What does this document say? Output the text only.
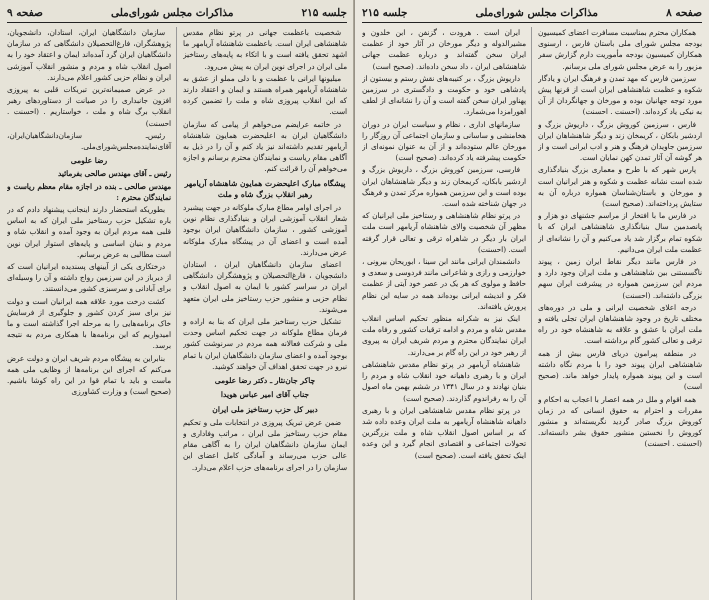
جلسه ۲۱۵
مذاکرات مجلس شورای‌ملی
صفحه ۹

شخصیت باعظمت جهانی در پرتو نظام مقدس شاهنشاهی ایران است. باعظمت شاهنشاه آریامهر ما اشهد تحقق یافته است و با اتکاء به پایه‌های رستاخیز ملی ایران در اجرای نوین ایران به پیش می‌رود.

میلیونها ایرانی با عظمت و با دلی مملو از عشق به شاهنشاه آریامهر همراه هستند و ایمان و اعتقاد دارند که این انقلاب پیروزی شاه و ملت را تضمین کرده است.

در خاتمه عرایضم می‌خواهم از پیامی که سازمان دانشگاهیان ایران به اعلیحضرت همایون شاهنشاه آریامهر تقدیم داشته‌اند نیز یاد کنم و آن را در ذیل به آگاهی مقام ریاست و نمایندگان محترم برسانم و اجازه می‌خواهم آن را قرائت کنم.

پیشگاه مبارک اعلیحضرت همایون شاهنشاه آریامهر رهبر انقلاب بزرگ شاه و ملت

در اجرای اوامر مطاع مبارک ملوکانه در جهت پیشبرد شعار انقلاب آموزشی ایران و بنیادگذاری نظام نوین آموزشی کشور ، سازمان دانشگاهیان ایران بوجود آمده است و اعضای آن در پیشگاه مبارک ملوکانه عرض می‌دارند.

اعضای سازمان دانشگاهیان ایران ، استادان دانشجویان ، فارغ‌التحصیلان و پژوهشگران دانشگاهی ایران در سراسر کشور با ایمان به اصول انقلاب و نظام حزبی و منشور حزب رستاخیز ملی ایران متعهد می‌شوند.

تشکیل حزب رستاخیز ملی ایران که بنا به اراده و فرمان مطاع ملوکانه در جهت تحکیم اساس وحدت ملی و شرکت فعالانه همه مردم در سرنوشت کشور بوجود آمده و اعضای سازمان دانشگاهیان ایران با تمام نیرو در جهت تحقق اهداف آن خواهند کوشید.

چاکر جان‌نثار ـ دکتر رضا علومی

جناب آقای امیر عباس هویدا

دبیر کل حزب رستاخیز ملی ایران

ضمن عرض تبریک پیروزی در انتخابات ملی و تحکیم مقام حزب رستاخیز ملی ایران ، مراتب وفاداری و ایمان سازمان دانشگاهیان ایران را به آگاهی مقام عالی حزب می‌رساند و آمادگی کامل اعضای این سازمان را در اجرای برنامه‌های حزب اعلام می‌دارد.

سازمان دانشگاهیان ایران، استادان، دانشجویان، پژوهشگران، فارغ‌التحصیلان دانشگاهی که در سازمان دانشگاهیان ایران گرد آمده‌اند ایمان و اعتقاد خود را به اصول انقلاب شاه و مردم و منشور انقلاب آموزشی ایران و نظام حزبی کشور اعلام می‌دارند.

در عرض صمیمانه‌ترین تبریکات قلبی به پیروزی افزون جانبداری را در صیانت از دستاوردهای رهبر انقلاب برگ شاه و ملت ، خواستاریم . (احسنت . احسنت)

رئیس‌ـ سازمان‌دانشگاهیان‌ایران‌، آقای‌نماینده‌مجلس‌شورای‌ملی.

رضا علومی

رئیس ـ آقای مهندس صالحی بفرمائید

مهندس صالحی ـ بنده در اجازه مقام معظم ریاست و نمایندگان محترم :

بطوریکه استحضار دارند اینجانب پیشنهاد دادم که در باره تشکیل حزب رستاخیز ملی ایران که به اساس قلبی همه مردم ایران به وجود آمده و انقلاب شاه و مردم و بنیان اساسی و پایه‌های استوار ایران نوین است مطالبی به عرض برسانم.

درختکاری یکی از آیینهای پسندیده ایرانیان است که از دیرباز در این سرزمین رواج داشته و آن را وسیله‌ای برای آبادانی و سرسبزی کشور می‌دانستند.

کشت درخت مورد علاقه همه ایرانیان است و دولت نیز برای سبز کردن کشور و جلوگیری از فرسایش خاک برنامه‌هایی را به مرحله اجرا گذاشته است و ما امیدواریم که این برنامه‌ها با همکاری مردم به نتیجه برسد.

بنابراین به پیشگاه مردم شریف ایران و دولت عرض می‌کنم که اجرای این برنامه‌ها از وظایف ملی همه ماست و باید با تمام قوا در این راه کوشا باشیم. (صحیح است) و وزارت کشاورزی

صفحه ۸
مذاکرات مجلس شورای‌ملی
جلسه ۲۱۵

همکاران محترم بمناسبت مسافرت اعضای کمیسیون بودجه مجلس شورای ملی باستان فارس ، ارسنوی همکاران کمیسیون بودجه مأموریت دارم گزارش سفر مزبور را به عرض مجلس شورای ملی برسانم.

سرزمین فارس که مهد تمدن و فرهنگ ایران و یادگار شکوه و عظمت شاهنشاهی ایران است از قرنها پیش مورد توجه جهانیان بوده و مورخان و جهانگردان از آن به نیکی یاد کرده‌اند. (احسنت . احسنت)

فارس ، سرزمین کوروش بزرگ ، داریوش بزرگ و اردشیر بابکان ، کریمخان زند و دیگر شاهنشاهان ایران سرزمین جاویدان فرهنگ و هنر و ادب ایرانی است و از هر گوشه آن آثار تمدن کهن نمایان است.

پارس شهر که با طرح و معماری بزرگ بنیادگذاری شده است نشانه عظمت و شکوه و هنر ایرانیان است و مورخان و باستان‌شناسان همواره درباره آن به ستایش پرداخته‌اند. (صحیح است)

در فارس ما با افتخار از مراسم جشنهای دو هزار و پانصدمین سال بنیانگذاری شاهنشاهی ایران که با شکوه تمام برگزار شد یاد می‌کنیم و آن را نشانه‌ای از عظمت ملت ایران می‌دانیم.

در فارس مانند دیگر نقاط ایران زمین ، پیوند ناگسستنی بین شاهنشاهی و ملت ایران وجود دارد و مردم این سرزمین همواره در پیشرفت ایران سهم بزرگی داشته‌اند. (احسنت)

درجه اعلای شخصیت ایرانی و ملی در دوره‌های مختلف تاریخ در وجود شاهنشاهان ایران تجلی یافته و ملت ایران با عشق و علاقه به شاهنشاه خود در راه ترقی و تعالی کشور گام برداشته است.

در منطقه پیرامون دریای فارس بیش از همه شاهنشاهی ایران پیوند خود را با مردم نگاه داشته است و این پیوند همواره پایدار خواهد ماند. (صحیح است)

همه اقوام و ملل در همه اعصار با اعجاب به احکام و مقررات و احترام به حقوق انسانی که در زمان کوروش بزرگ صادر گردید نگریسته‌اند و منشور کوروش را نخستین منشور حقوق بشر دانسته‌اند. (احسنت . احسنت)

ایران است . هرودت ، گزنفن ، ابن خلدون و مشیرالدوله و دیگر مورخان در آثار خود از عظمت ایران سخن گفته‌اند و درباره عظمت جهانی شاهنشاهی ایران ، داد سخن داده‌اند. (صحیح است)

داریوش بزرگ ، بر کتیبه‌های نقش رستم و بیستون از پادشاهی خود و حکومت و دادگستری در سرزمین پهناور ایران سخن گفته است و آن را نشانه‌ای از لطف اهورامزدا می‌شمارد.

سازمانهای اداری ، نظام و سیاست ایران در دوران هخامنشی و ساسانی و سازمان اجتماعی آن روزگار را مورخان عالم ستوده‌اند و از آن به عنوان نمونه‌ای از حکومت پیشرفته یاد کرده‌اند. (صحیح است)

فارسی، سرزمین کوروش بزرگ ، داریوش بزرگ و اردشیر بابکان، کریمخان زند و دیگر شاهنشاهان ایران بوده است و این سرزمین همواره مرکز تمدن و فرهنگ در جهان شناخته شده است.

در پرتو نظام شاهنشاهی و رستاخیز ملی ایرانیان که مظهر آن شخصیت والای شاهنشاه آریامهر است ملت ایران بار دیگر در شاهراه ترقی و تعالی قرار گرفته است. (احسنت)

دانشمندان ایرانی مانند ابن سینا ، ابوریحان بیرونی ، خوارزمی و رازی و شاعرانی مانند فردوسی و سعدی و حافظ و مولوی که هر یک در عصر خود آیتی از عظمت فکر و اندیشه ایرانی بوده‌اند همه در سایه این نظام پرورش یافته‌اند.

اینک نیز به شکرانه منظور تحکیم اساس انقلاب مقدس شاه و مردم و ادامه ترقیات کشور و رفاه ملت ایران نمایندگان محترم و مردم شریف ایران به پیروی از رهبر خود در این راه گام بر می‌دارند.

شاهنشاه آریامهر در پرتو نظام مقدس شاهنشاهی ایران و با رهبری داهیانه خود انقلاب شاه و مردم را بنیان نهادند و در سال ۱۳۴۱ در ششم بهمن ماه اصول آن را به رفراندوم گذاردند. (صحیح است)

در پرتو نظام مقدس شاهنشاهی ایران و با رهبری داهیانه شاهنشاه آریامهر به ملت ایران وعده داده شد که بر اساس اصول انقلاب شاه و ملت بزرگترین تحولات اجتماعی و اقتصادی انجام گیرد و این وعده اینک تحقق یافته است. (صحیح است)
